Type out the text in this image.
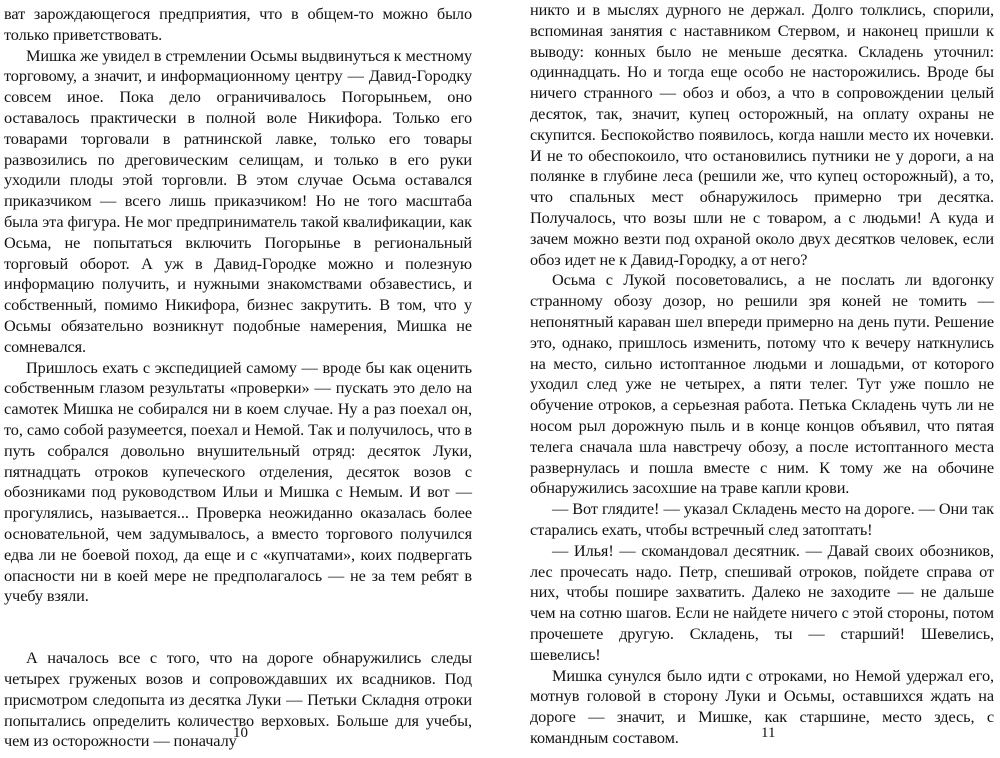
ват зарождающегося предприятия, что в общем-то можно было только приветствовать.

Мишка же увидел в стремлении Осьмы выдвинуться к местному торговому, а значит, и информационному центру — Давид-Городку совсем иное. Пока дело ограничивалось Погорыньем, оно оставалось практически в полной воле Никифора. Только его товарами торговали в ратнинской лавке, только его товары развозились по дреговическим селищам, и только в его руки уходили плоды этой торговли. В этом случае Осьма оставался приказчиком — всего лишь приказчиком! Но не того масштаба была эта фигура. Не мог предприниматель такой квалификации, как Осьма, не попытаться включить Погорынье в региональный торговый оборот. А уж в Давид-Городке можно и полезную информацию получить, и нужными знакомствами обзавестись, и собственный, помимо Никифора, бизнес закрутить. В том, что у Осьмы обязательно возникнут подобные намерения, Мишка не сомневался.

Пришлось ехать с экспедицией самому — вроде бы как оценить собственным глазом результаты «проверки» — пускать это дело на самотек Мишка не собирался ни в коем случае. Ну а раз поехал он, то, само собой разумеется, поехал и Немой. Так и получилось, что в путь собрался довольно внушительный отряд: десяток Луки, пятнадцать отроков купеческого отделения, десяток возов с обозниками под руководством Ильи и Мишка с Немым. И вот — прогулялись, называется... Проверка неожиданно оказалась более основательной, чем задумывалось, а вместо торгового получился едва ли не боевой поход, да еще и с «купчатами», коих подвергать опасности ни в коей мере не предполагалось — не за тем ребят в учебу взяли.

А началось все с того, что на дороге обнаружились следы четырех груженых возов и сопровождавших их всадников. Под присмотром следопыта из десятка Луки — Петьки Складня отроки попытались определить количество верховых. Больше для учебы, чем из осторожности — поначалу

10

никто и в мыслях дурного не держал. Долго толклись, спорили, вспоминая занятия с наставником Стервом, и наконец пришли к выводу: конных было не меньше десятка. Складень уточнил: одиннадцать. Но и тогда еще особо не насторожились. Вроде бы ничего странного — обоз и обоз, а что в сопровождении целый десяток, так, значит, купец осторожный, на оплату охраны не скупится. Беспокойство появилось, когда нашли место их ночевки. И не то обеспокоило, что остановились путники не у дороги, а на полянке в глубине леса (решили же, что купец осторожный), а то, что спальных мест обнаружилось примерно три десятка. Получалось, что возы шли не с товаром, а с людьми! А куда и зачем можно везти под охраной около двух десятков человек, если обоз идет не к Давид-Городку, а от него?

Осьма с Лукой посоветовались, а не послать ли вдогонку странному обозу дозор, но решили зря коней не томить — непонятный караван шел впереди примерно на день пути. Решение это, однако, пришлось изменить, потому что к вечеру наткнулись на место, сильно истоптанное людьми и лошадьми, от которого уходил след уже не четырех, а пяти телег. Тут уже пошло не обучение отроков, а серьезная работа. Петька Складень чуть ли не носом рыл дорожную пыль и в конце концов объявил, что пятая телега сначала шла навстречу обозу, а после истоптанного места развернулась и пошла вместе с ним. К тому же на обочине обнаружились засохшие на траве капли крови.

— Вот глядите! — указал Складень место на дороге. — Они так старались ехать, чтобы встречный след затоптать!

— Илья! — скомандовал десятник. — Давай своих обозников, лес прочесать надо. Петр, спешивай отроков, пойдете справа от них, чтобы пошире захватить. Далеко не заходите — не дальше чем на сотню шагов. Если не найдете ничего с этой стороны, потом прочешете другую. Складень, ты — старший! Шевелись, шевелись!

Мишка сунулся было идти с отроками, но Немой удержал его, мотнув головой в сторону Луки и Осьмы, оставшихся ждать на дороге — значит, и Мишке, как старшине, место здесь, с командным составом.	11
